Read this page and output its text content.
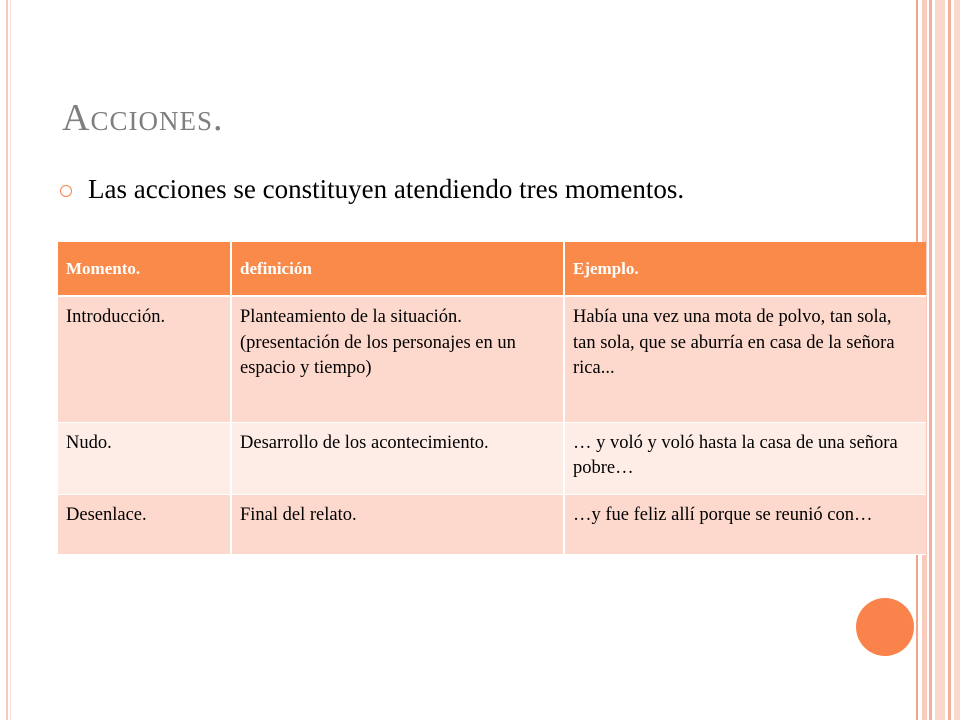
Acciones.
Las acciones se constituyen atendiendo tres momentos.
Momento.	definición	Ejemplo.
Introducción.	Planteamiento de la situación. (presentación de los personajes en un espacio y tiempo)	Había una vez una mota de polvo, tan sola, tan sola, que se aburría en casa de la señora rica...
Nudo.	Desarrollo de los acontecimiento.	… y voló y voló hasta la casa de una señora pobre…
Desenlace.	Final del relato.	…y fue feliz allí porque se reunió con…
